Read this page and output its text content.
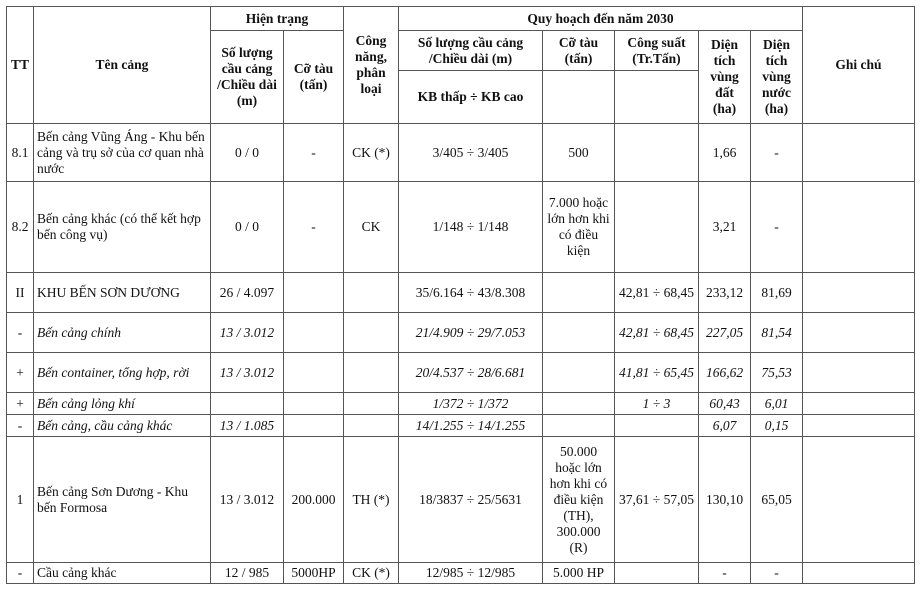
TT	Tên cảng	Hiện trạng		Công năng, phân loại	Quy hoạch đến năm 2030					Ghi chú
		Số lượng cầu cảng /Chiều dài (m)	Cỡ tàu (tấn)		Số lượng cầu cảng /Chiều dài (m)	Cỡ tàu (tấn)	Công suất (Tr.Tấn)	Diện tích vùng đất (ha)	Diện tích vùng nước (ha)	
					KB thấp ÷ KB cao					
8.1	Bến cảng Vũng Áng - Khu bến cảng và trụ sở của cơ quan nhà nước	0 / 0	-	CK (*)	3/405 ÷ 3/405	500		1,66	-	
8.2	Bến cảng khác (có thể kết hợp bến công vụ)	0 / 0	-	CK	1/148 ÷ 1/148	7.000 hoặc lớn hơn khi có điều kiện		3,21	-	
II	KHU BẾN SƠN DƯƠNG	26 / 4.097			35/6.164 ÷ 43/8.308		42,81 ÷ 68,45	233,12	81,69	
-	Bến cảng chính	13 / 3.012			21/4.909 ÷ 29/7.053		42,81 ÷ 68,45	227,05	81,54	
+	Bến container, tổng hợp, rời	13 / 3.012			20/4.537 ÷ 28/6.681		41,81 ÷ 65,45	166,62	75,53	
+	Bến cảng lỏng khí				1/372 ÷ 1/372		1 ÷ 3	60,43	6,01	
-	Bến cảng, cầu cảng khác	13 / 1.085			14/1.255 ÷ 14/1.255			6,07	0,15	
1	Bến cảng Sơn Dương - Khu bến Formosa	13 / 3.012	200.000	TH (*)	18/3837 ÷ 25/5631	50.000 hoặc lớn hơn khi có điều kiện (TH), 300.000 (R)	37,61 ÷ 57,05	130,10	65,05	
-	Cầu cảng khác	12 / 985	5000HP	CK (*)	12/985 ÷ 12/985	5.000 HP		-	-	
